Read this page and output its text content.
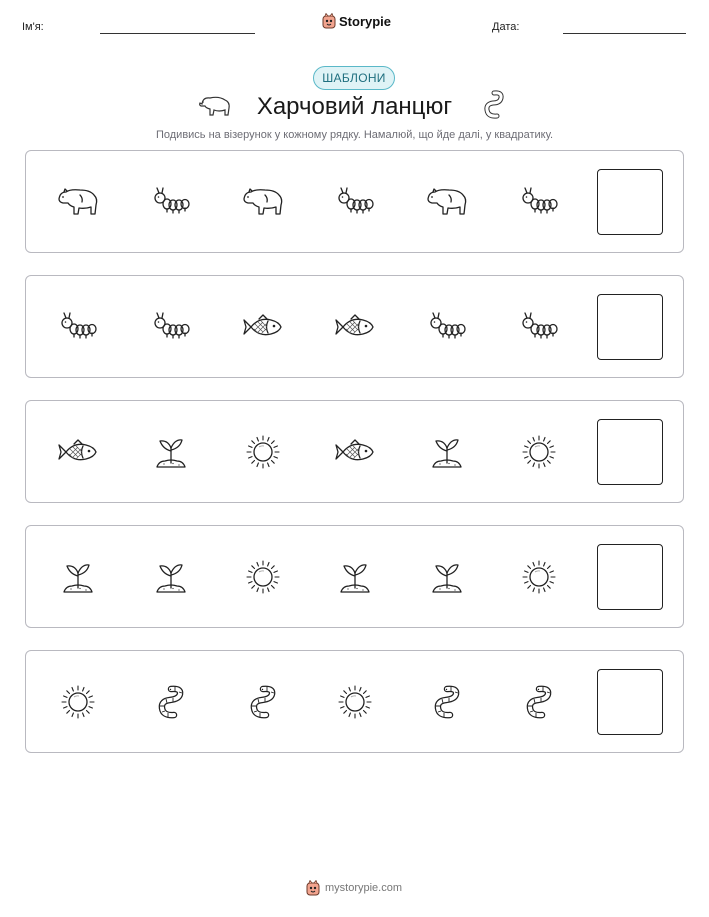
Ім'я:	Storypie	Дата:
ШАБЛОНИ
Харчовий ланцюг
Подивись на візерунок у кожному рядку. Намалюй, що йде далі, у квадратику.
mystorypie.com
